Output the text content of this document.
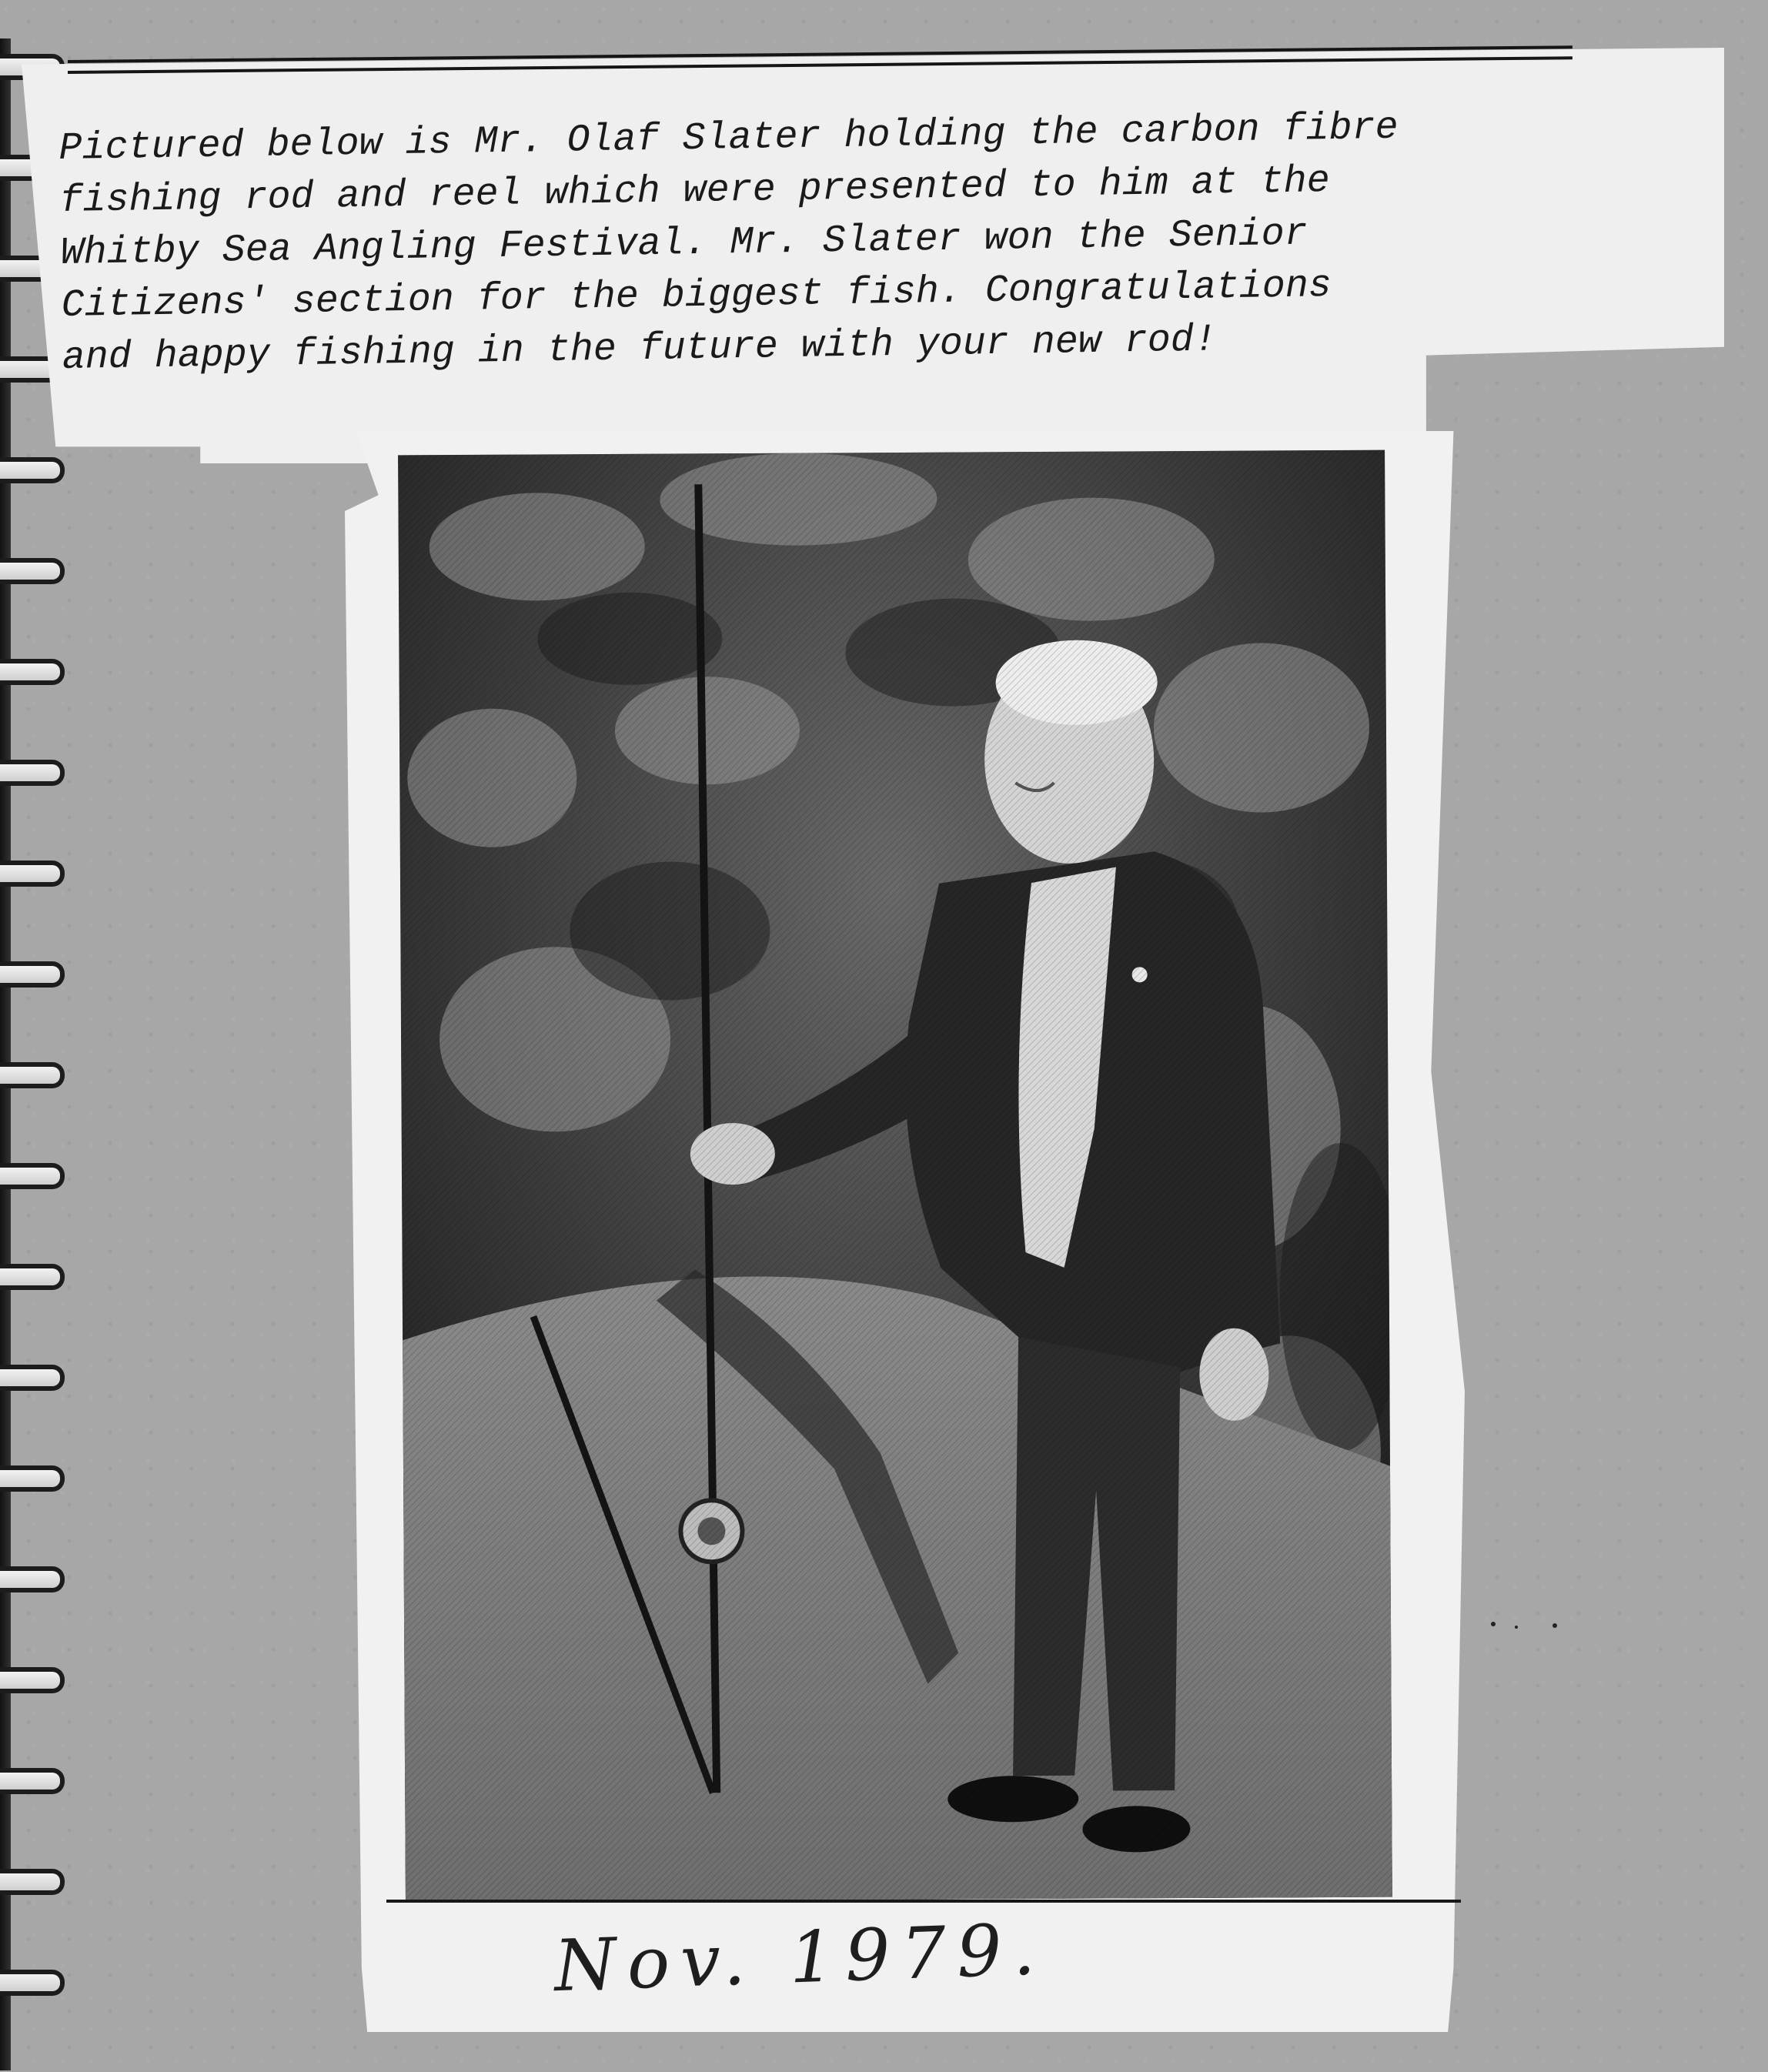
Pictured below is Mr. Olaf Slater holding the carbon fibre
fishing rod and reel which were presented to him at the
Whitby Sea Angling Festival. Mr. Slater won the Senior
Citizens' section for the biggest fish. Congratulations
and happy fishing in the future with your new rod!
Nov. 1979.
